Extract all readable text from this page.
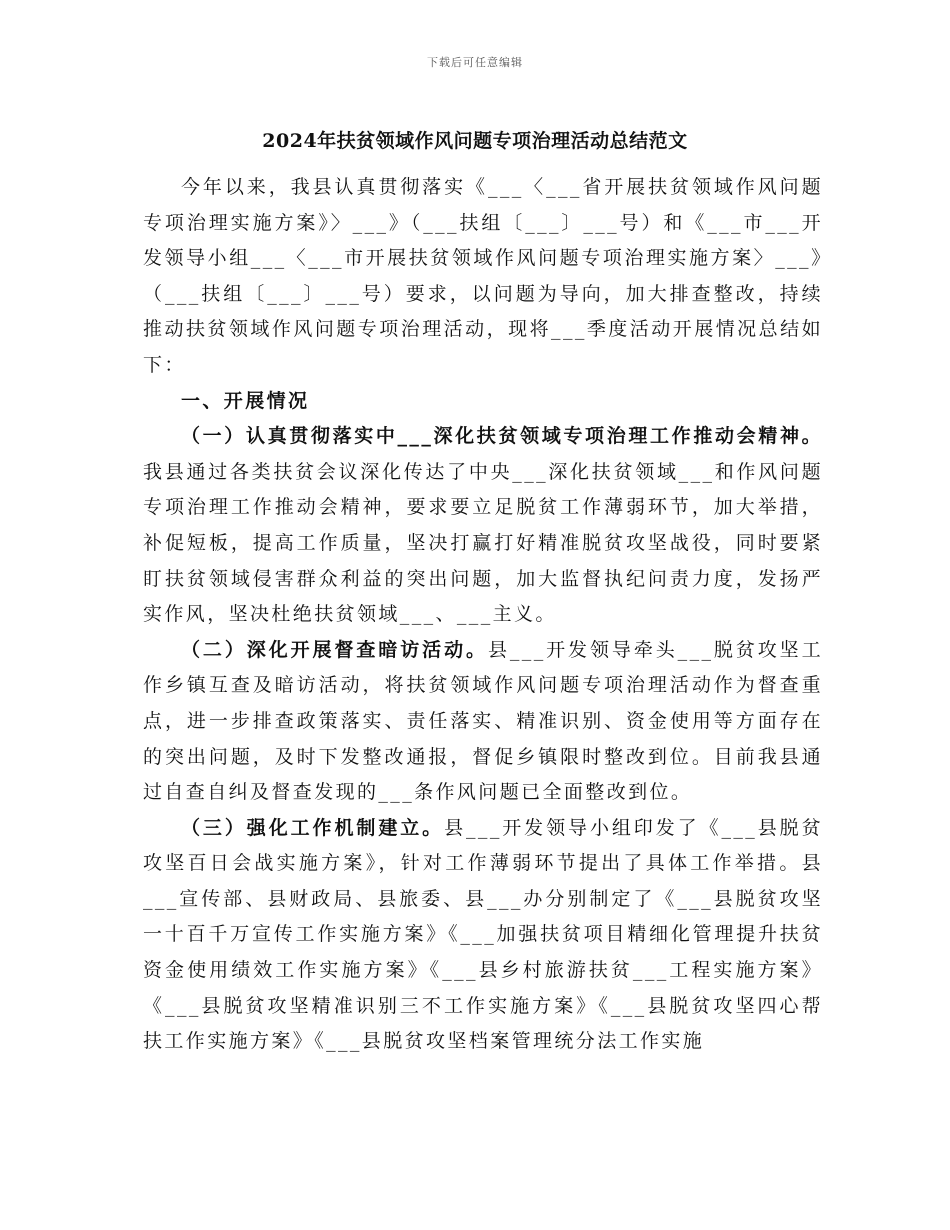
下载后可任意编辑
2024年扶贫领域作风问题专项治理活动总结范文

今年以来，我县认真贯彻落实《___〈___省开展扶贫领域作风问题专项治理实施方案》〉___》（___扶组〔___〕___号）和《___市___开发领导小组___〈___市开展扶贫领域作风问题专项治理实施方案〉___》（___扶组〔___〕___号）要求，以问题为导向，加大排查整改，持续推动扶贫领域作风问题专项治理活动，现将___季度活动开展情况总结如下：

一、开展情况

（一）认真贯彻落实中___深化扶贫领域专项治理工作推动会精神。我县通过各类扶贫会议深化传达了中央___深化扶贫领域___和作风问题专项治理工作推动会精神，要求要立足脱贫工作薄弱环节，加大举措，补促短板，提高工作质量，坚决打赢打好精准脱贫攻坚战役，同时要紧盯扶贫领域侵害群众利益的突出问题，加大监督执纪问责力度，发扬严实作风，坚决杜绝扶贫领域___、___主义。

（二）深化开展督查暗访活动。县___开发领导牵头___脱贫攻坚工作乡镇互查及暗访活动，将扶贫领域作风问题专项治理活动作为督查重点，进一步排查政策落实、责任落实、精准识别、资金使用等方面存在的突出问题，及时下发整改通报，督促乡镇限时整改到位。目前我县通过自查自纠及督查发现的___条作风问题已全面整改到位。

（三）强化工作机制建立。县___开发领导小组印发了《___县脱贫攻坚百日会战实施方案》，针对工作薄弱环节提出了具体工作举措。县___宣传部、县财政局、县旅委、县___办分别制定了《___县脱贫攻坚一十百千万宣传工作实施方案》《___加强扶贫项目精细化管理提升扶贫资金使用绩效工作实施方案》《___县乡村旅游扶贫___工程实施方案》《___县脱贫攻坚精准识别三不工作实施方案》《___县脱贫攻坚四心帮扶工作实施方案》《___县脱贫攻坚档案管理统分法工作实施
